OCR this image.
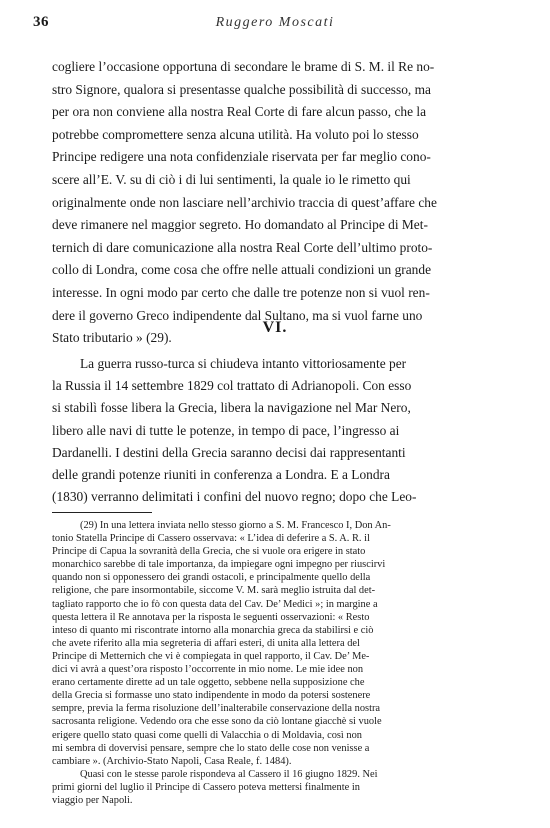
36	Ruggero Moscati
cogliere l’occasione opportuna di secondare le brame di S. M. il Re no-
stro Signore, qualora si presentasse qualche possibilità di successo, ma
per ora non conviene alla nostra Real Corte di fare alcun passo, che la
potrebbe compromettere senza alcuna utilità. Ha voluto poi lo stesso
Principe redigere una nota confidenziale riservata per far meglio cono-
scere all’E. V. su di ciò i di lui sentimenti, la quale io le rimetto qui
originalmente onde non lasciare nell’archivio traccia di quest’affare che
deve rimanere nel maggior segreto. Ho domandato al Principe di Met-
ternich di dare comunicazione alla nostra Real Corte dell’ultimo proto-
collo di Londra, come cosa che offre nelle attuali condizioni un grande
interesse. In ogni modo par certo che dalle tre potenze non si vuol ren-
dere il governo Greco indipendente dal Sultano, ma si vuol farne uno
Stato tributario » (29).
VI.
La guerra russo-turca si chiudeva intanto vittoriosamente per
la Russia il 14 settembre 1829 col trattato di Adrianopoli. Con esso
si stabilì fosse libera la Grecia, libera la navigazione nel Mar Nero,
libero alle navi di tutte le potenze, in tempo di pace, l’ingresso ai
Dardanelli. I destini della Grecia saranno decisi dai rappresentanti
delle grandi potenze riuniti in conferenza a Londra. E a Londra
(1830) verranno delimitati i confini del nuovo regno; dopo che Leo-
(29) In una lettera inviata nello stesso giorno a S. M. Francesco I, Don An-
tonio Statella Principe di Cassero osservava: « L’idea di deferire a S. A. R. il
Principe di Capua la sovranità della Grecia, che si vuole ora erigere in stato
monarchico sarebbe di tale importanza, da impiegare ogni impegno per riuscirvi
quando non si opponessero dei grandi ostacoli, e principalmente quello della
religione, che pare insormontabile, siccome V. M. sarà meglio istruita dal det-
tagliato rapporto che io fò con questa data del Cav. De’ Medici »; in margine a
questa lettera il Re annotava per la risposta le seguenti osservazioni: « Resto
inteso di quanto mi riscontrate intorno alla monarchia greca da stabilirsi e ciò
che avete riferito alla mia segreteria di affari esteri, di unita alla lettera del
Principe di Metternich che vi è compiegata in quel rapporto, il Cav. De’ Me-
dici vi avrà a quest’ora risposto l’occorrente in mio nome. Le mie idee non
erano certamente dirette ad un tale oggetto, sebbene nella supposizione che
della Grecia si formasse uno stato indipendente in modo da potersi sostenere
sempre, previa la ferma risoluzione dell’inalterabile conservazione della nostra
sacrosanta religione. Vedendo ora che esse sono da ciò lontane giacchè si vuole
erigere quello stato quasi come quelli di Valacchia o di Moldavia, così non
mi sembra di dovervisi pensare, sempre che lo stato delle cose non venisse a
cambiare ». (Archivio-Stato Napoli, Casa Reale, f. 1484).
Quasi con le stesse parole rispondeva al Cassero il 16 giugno 1829. Nei
primi giorni del luglio il Principe di Cassero poteva mettersi finalmente in
viaggio per Napoli.
